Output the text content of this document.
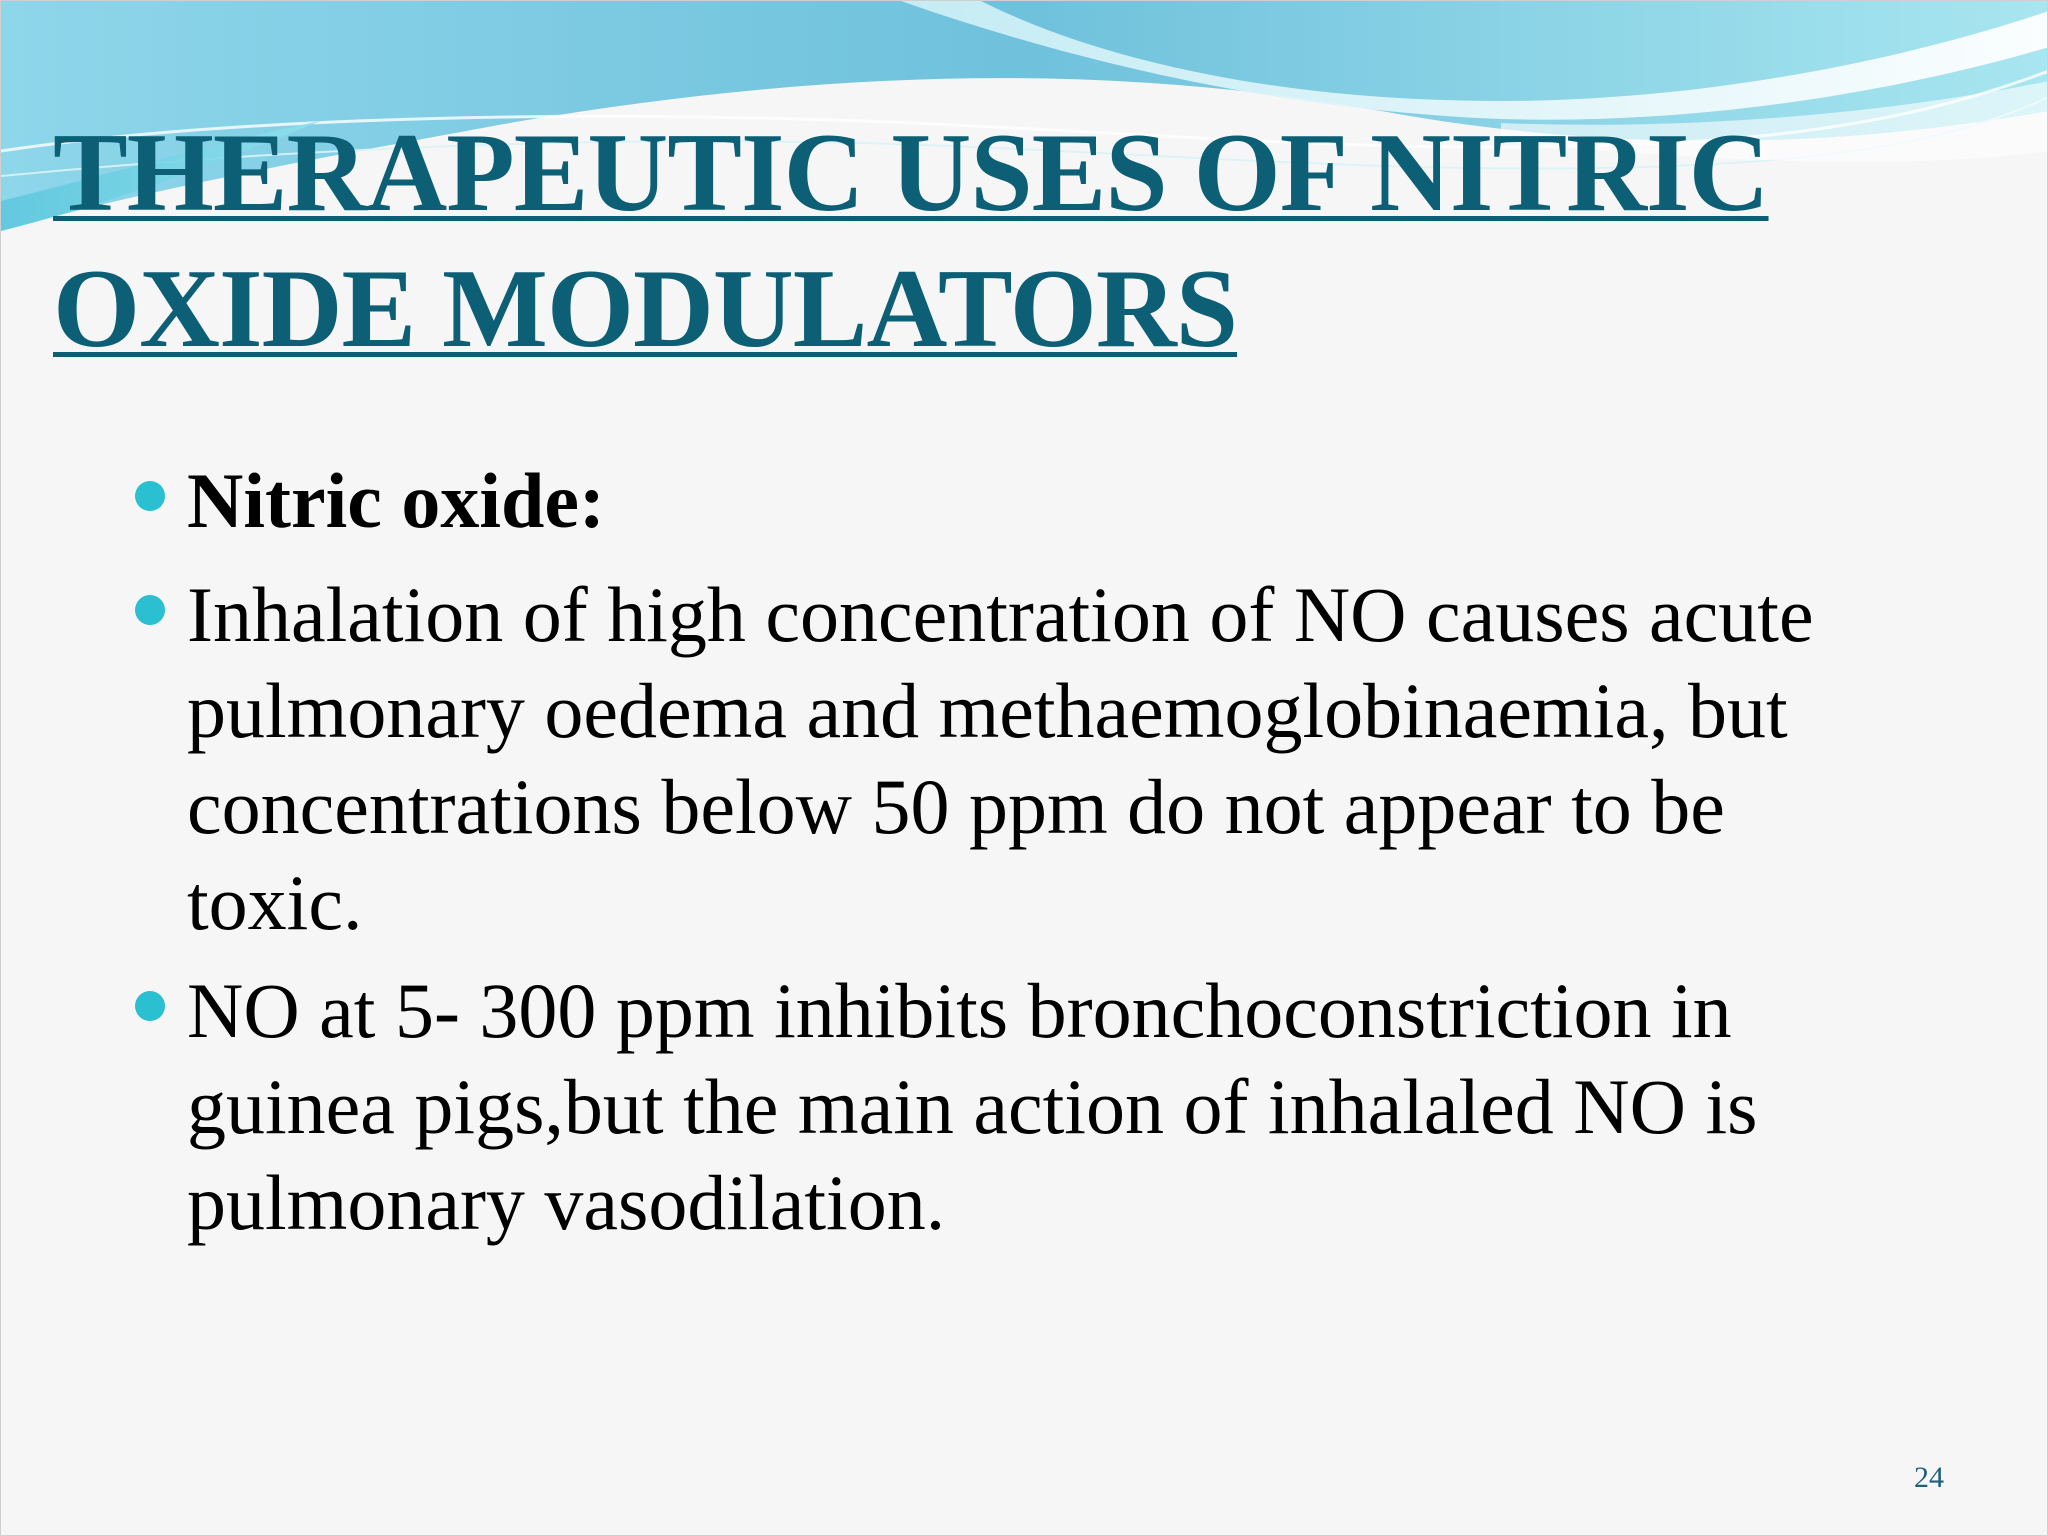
THERAPEUTIC USES OF NITRIC
OXIDE MODULATORS
Nitric oxide:
Inhalation of high concentration of NO causes acute
pulmonary oedema and methaemoglobinaemia, but
concentrations below 50 ppm do not appear to be
toxic.
NO at 5- 300 ppm inhibits bronchoconstriction in
guinea pigs,but the main action of inhalaled NO is
pulmonary vasodilation.
24
